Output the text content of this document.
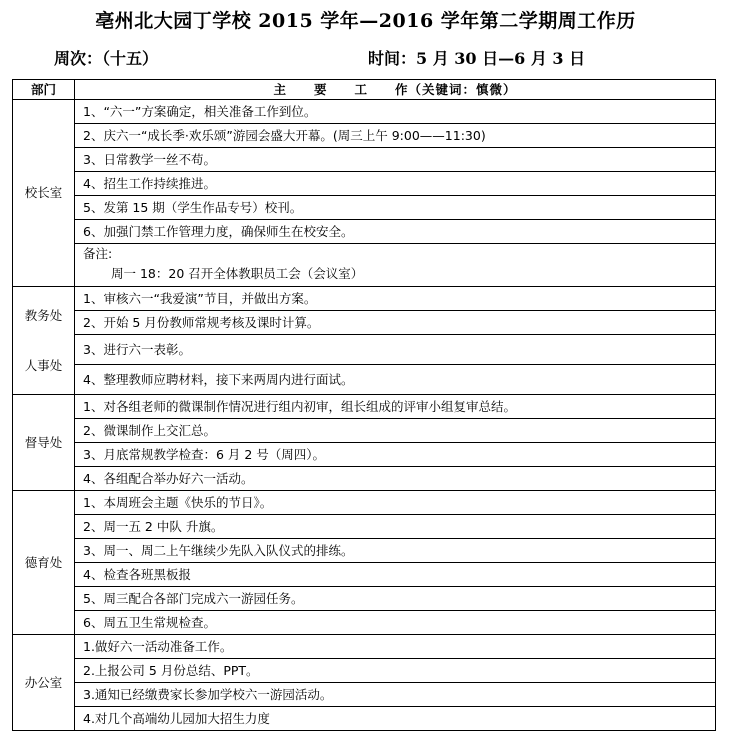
亳州北大园丁学校 2015 学年—2016 学年第二学期周工作历
周次：（十五）	时间：5 月 30 日—6 月 3 日
部门	主　　要　　工　　作（关键词：慎微）
校长室	1、“六一”方案确定，相关准备工作到位。
	2、庆六一“成长季·欢乐颂”游园会盛大开幕。(周三上午 9:00——11:30)
	3、日常教学一丝不苟。
	4、招生工作持续推进。
	5、发第 15 期（学生作品专号）校刊。
	6、加强门禁工作管理力度，确保师生在校安全。

	备注:
周一 18：20 召开全体教职员工会（会议室）

教务处
人事处	1、审核六一“我爱演”节目，并做出方案。
	2、开始 5 月份教师常规考核及课时计算。
	3、进行六一表彰。
	4、整理教师应聘材料，接下来两周内进行面试。
督导处	1、对各组老师的微课制作情况进行组内初审，组长组成的评审小组复审总结。
	2、微课制作上交汇总。
	3、月底常规教学检查：6 月 2 号（周四）。
	4、各组配合举办好六一活动。
德育处	1、本周班会主题《快乐的节日》。
	2、周一五 2 中队 升旗。
	3、周一、周二上午继续少先队入队仪式的排练。
	4、检查各班黑板报
	5、周三配合各部门完成六一游园任务。
	6、周五卫生常规检查。
办公室	1.做好六一活动准备工作。
	2.上报公司 5 月份总结、PPT。
	3.通知已经缴费家长参加学校六一游园活动。
	4.对几个高端幼儿园加大招生力度
